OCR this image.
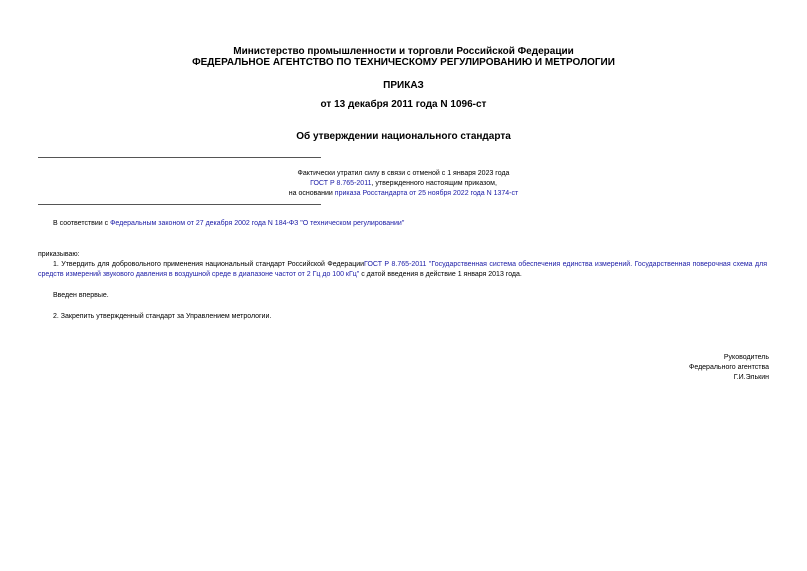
Министерство промышленности и торговли Российской Федерации
ФЕДЕРАЛЬНОЕ АГЕНТСТВО ПО ТЕХНИЧЕСКОМУ РЕГУЛИРОВАНИЮ И МЕТРОЛОГИИ
ПРИКАЗ
от 13 декабря 2011 года N 1096-ст
Об утверждении национального стандарта
Фактически утратил силу в связи с отменой с 1 января 2023 года
ГОСТ Р 8.765-2011, утвержденного настоящим приказом,
на основании приказа Росстандарта от 25 ноября 2022 года N 1374-ст
В соответствии с Федеральным законом от 27 декабря 2002 года N 184-ФЗ "О техническом регулировании"
приказываю:
1. Утвердить для добровольного применения национальный стандарт Российской ФедерацииГОСТ Р 8.765-2011 "Государственная система обеспечения единства измерений. Государственная поверочная схема для средств измерений звукового давления в воздушной среде в диапазоне частот от 2 Гц до 100 кГц" с датой введения в действие 1 января 2013 года.
Введен впервые.
2. Закрепить утвержденный стандарт за Управлением метрологии.
Руководитель
Федерального агентства
Г.И.Элькин
